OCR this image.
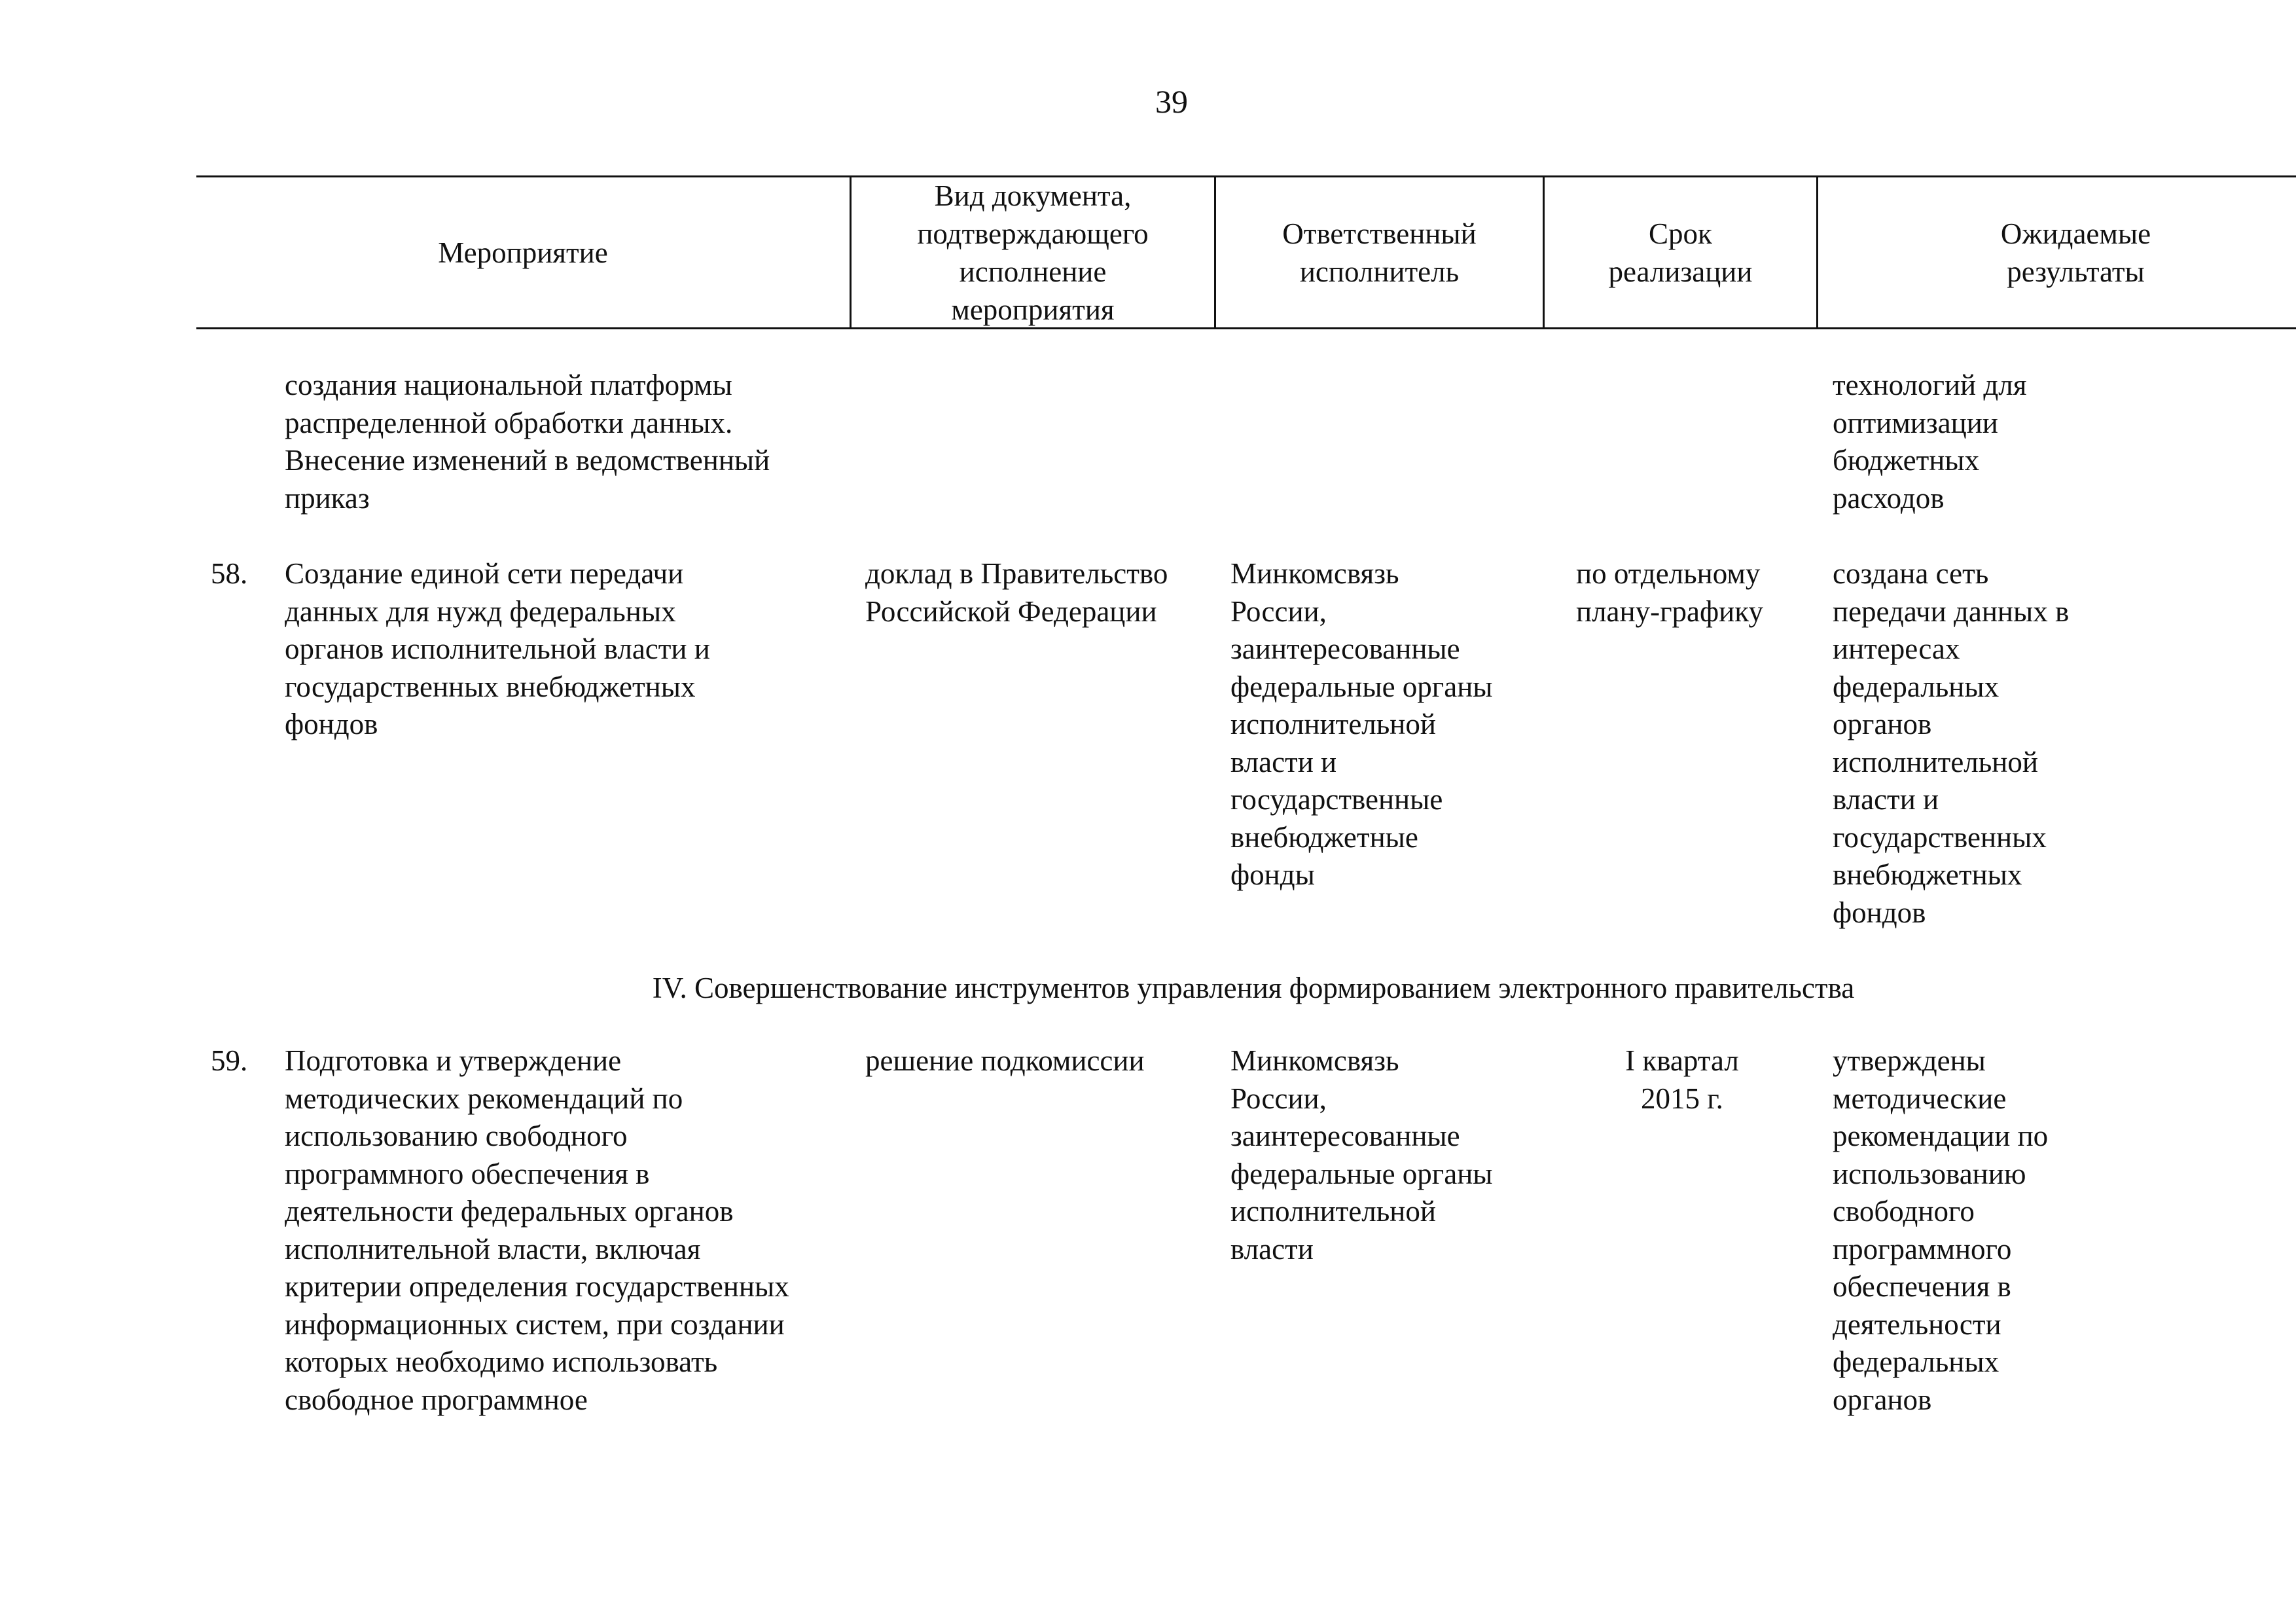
39
Мероприятие
Вид документа,
подтверждающего
исполнение
мероприятия
Ответственный
исполнитель
Срок
реализации
Ожидаемые
результаты
создания национальной платформы
распределенной обработки данных.
Внесение изменений в ведомственный
приказ
технологий для
оптимизации
бюджетных
расходов
58. Создание единой сети передачи
данных для нужд федеральных
органов исполнительной власти и
государственных внебюджетных
фондов
доклад в Правительство
Российской Федерации
Минкомсвязь
России,
заинтересованные
федеральные органы
исполнительной
власти и
государственные
внебюджетные
фонды
по отдельному
плану-графику
создана сеть
передачи данных в
интересах
федеральных
органов
исполнительной
власти и
государственных
внебюджетных
фондов
IV. Совершенствование инструментов управления формированием электронного правительства
59. Подготовка и утверждение
методических рекомендаций по
использованию свободного
программного обеспечения в
деятельности федеральных органов
исполнительной власти, включая
критерии определения государственных
информационных систем, при создании
которых необходимо использовать
свободное программное
решение подкомиссии	Минкомсвязь
России,
заинтересованные
федеральные органы
исполнительной
власти
I квартал
2015 г.
утверждены
методические
рекомендации по
использованию
свободного
программного
обеспечения в
деятельности
федеральных
органов
